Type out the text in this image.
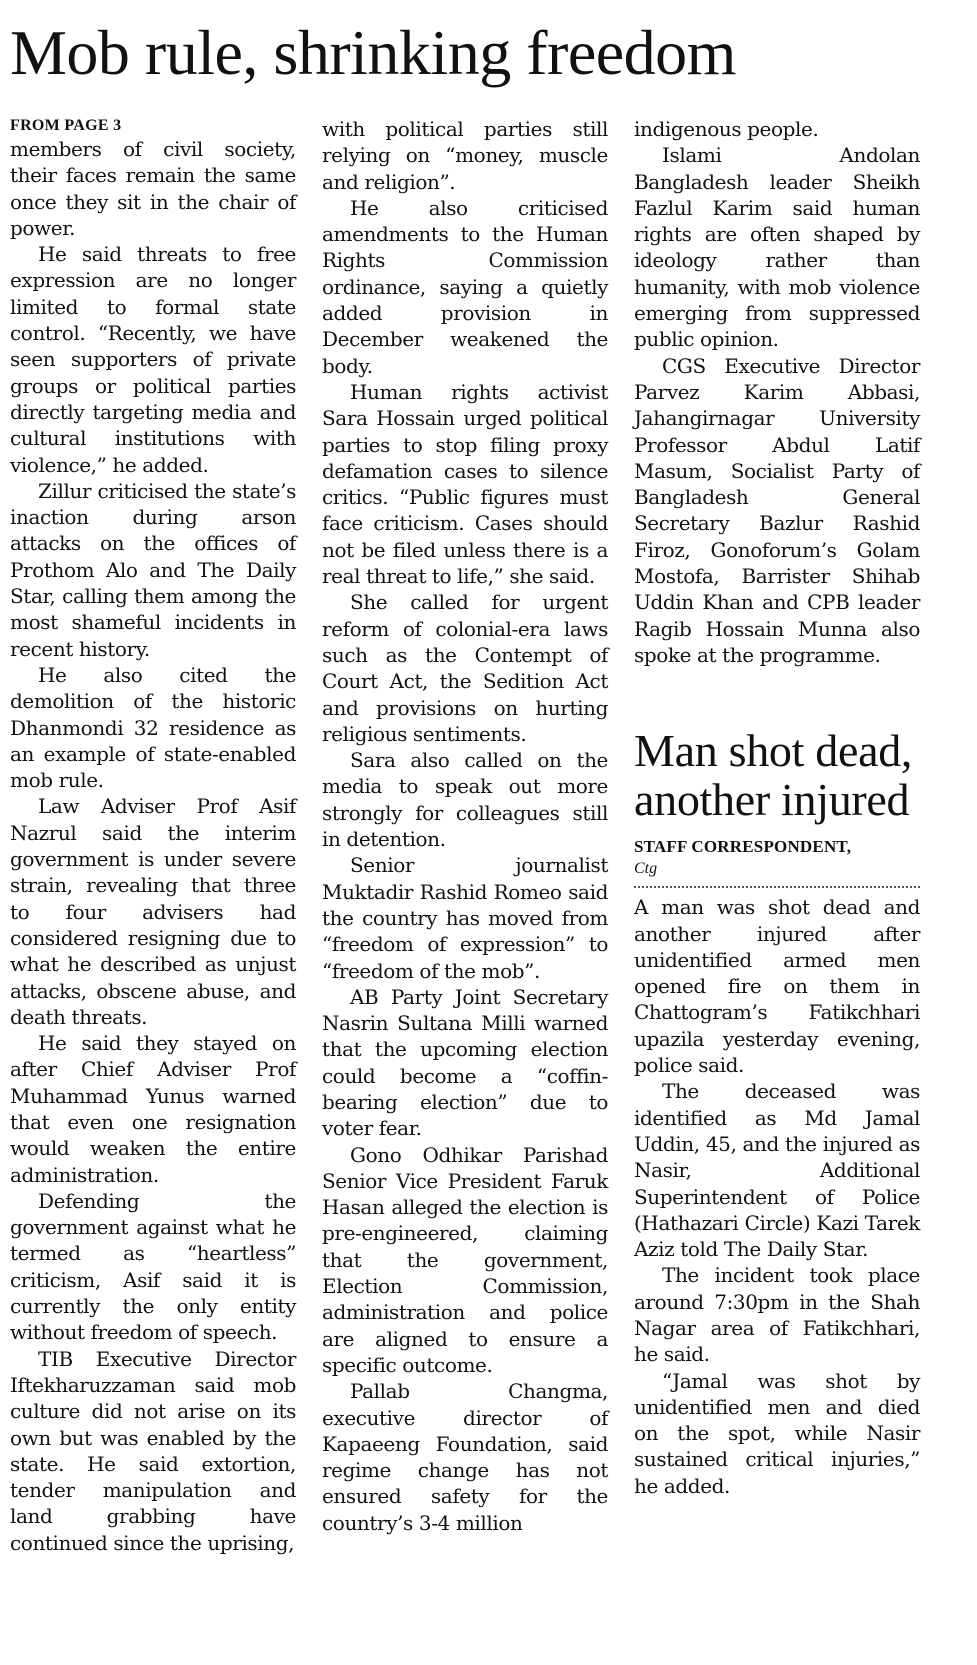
Mob rule, shrinking freedom
FROM PAGE 3

members of civil society, their faces remain the same once they sit in the chair of power.

He said threats to free expression are no longer limited to formal state control. “Recently, we have seen supporters of private groups or political parties directly targeting media and cultural institutions with violence,” he added.

Zillur criticised the state’s inaction during arson attacks on the offices of Prothom Alo and The Daily Star, calling them among the most shameful incidents in recent history.

He also cited the demolition of the historic Dhanmondi 32 residence as an example of state-enabled mob rule.

Law Adviser Prof Asif Nazrul said the interim government is under severe strain, revealing that three to four advisers had considered resigning due to what he described as unjust attacks, obscene abuse, and death threats.

He said they stayed on after Chief Adviser Prof Muhammad Yunus warned that even one resignation would weaken the entire administration.

Defending the government against what he termed as “heartless” criticism, Asif said it is currently the only entity without freedom of speech.

TIB Executive Director Iftekharuzzaman said mob culture did not arise on its own but was enabled by the state. He said extortion, tender manipulation and land grabbing have continued since the uprising,

with political parties still relying on “money, muscle and religion”.

He also criticised amendments to the Human Rights Commission ordinance, saying a quietly added provision in December weakened the body.

Human rights activist Sara Hossain urged political parties to stop filing proxy defamation cases to silence critics. “Public figures must face criticism. Cases should not be filed unless there is a real threat to life,” she said.

She called for urgent reform of colonial-era laws such as the Contempt of Court Act, the Sedition Act and provisions on hurting religious sentiments.

Sara also called on the media to speak out more strongly for colleagues still in detention.

Senior journalist Muktadir Rashid Romeo said the country has moved from “freedom of expression” to “freedom of the mob”.

AB Party Joint Secretary Nasrin Sultana Milli warned that the upcoming election could become a “coffin-bearing election” due to voter fear.

Gono Odhikar Parishad Senior Vice President Faruk Hasan alleged the election is pre-engineered, claiming that the government, Election Commission, administration and police are aligned to ensure a specific outcome.

Pallab Changma, executive director of Kapaeeng Foundation, said regime change has not ensured safety for the country’s 3-4 million

indigenous people.

Islami Andolan Bangladesh leader Sheikh Fazlul Karim said human rights are often shaped by ideology rather than humanity, with mob violence emerging from suppressed public opinion.

CGS Executive Director Parvez Karim Abbasi, Jahangirnagar University Professor Abdul Latif Masum, Socialist Party of Bangladesh General Secretary Bazlur Rashid Firoz, Gonoforum’s Golam Mostofa, Barrister Shihab Uddin Khan and CPB leader Ragib Hossain Munna also spoke at the programme.

Man shot dead, another injured
STAFF CORRESPONDENT,
Ctg

A man was shot dead and another injured after unidentified armed men opened fire on them in Chattogram’s Fatikchhari upazila yesterday evening, police said.

The deceased was identified as Md Jamal Uddin, 45, and the injured as Nasir, Additional Superintendent of Police (Hathazari Circle) Kazi Tarek Aziz told The Daily Star.

The incident took place around 7:30pm in the Shah Nagar area of Fatikchhari, he said.

“Jamal was shot by unidentified men and died on the spot, while Nasir sustained critical injuries,” he added.
